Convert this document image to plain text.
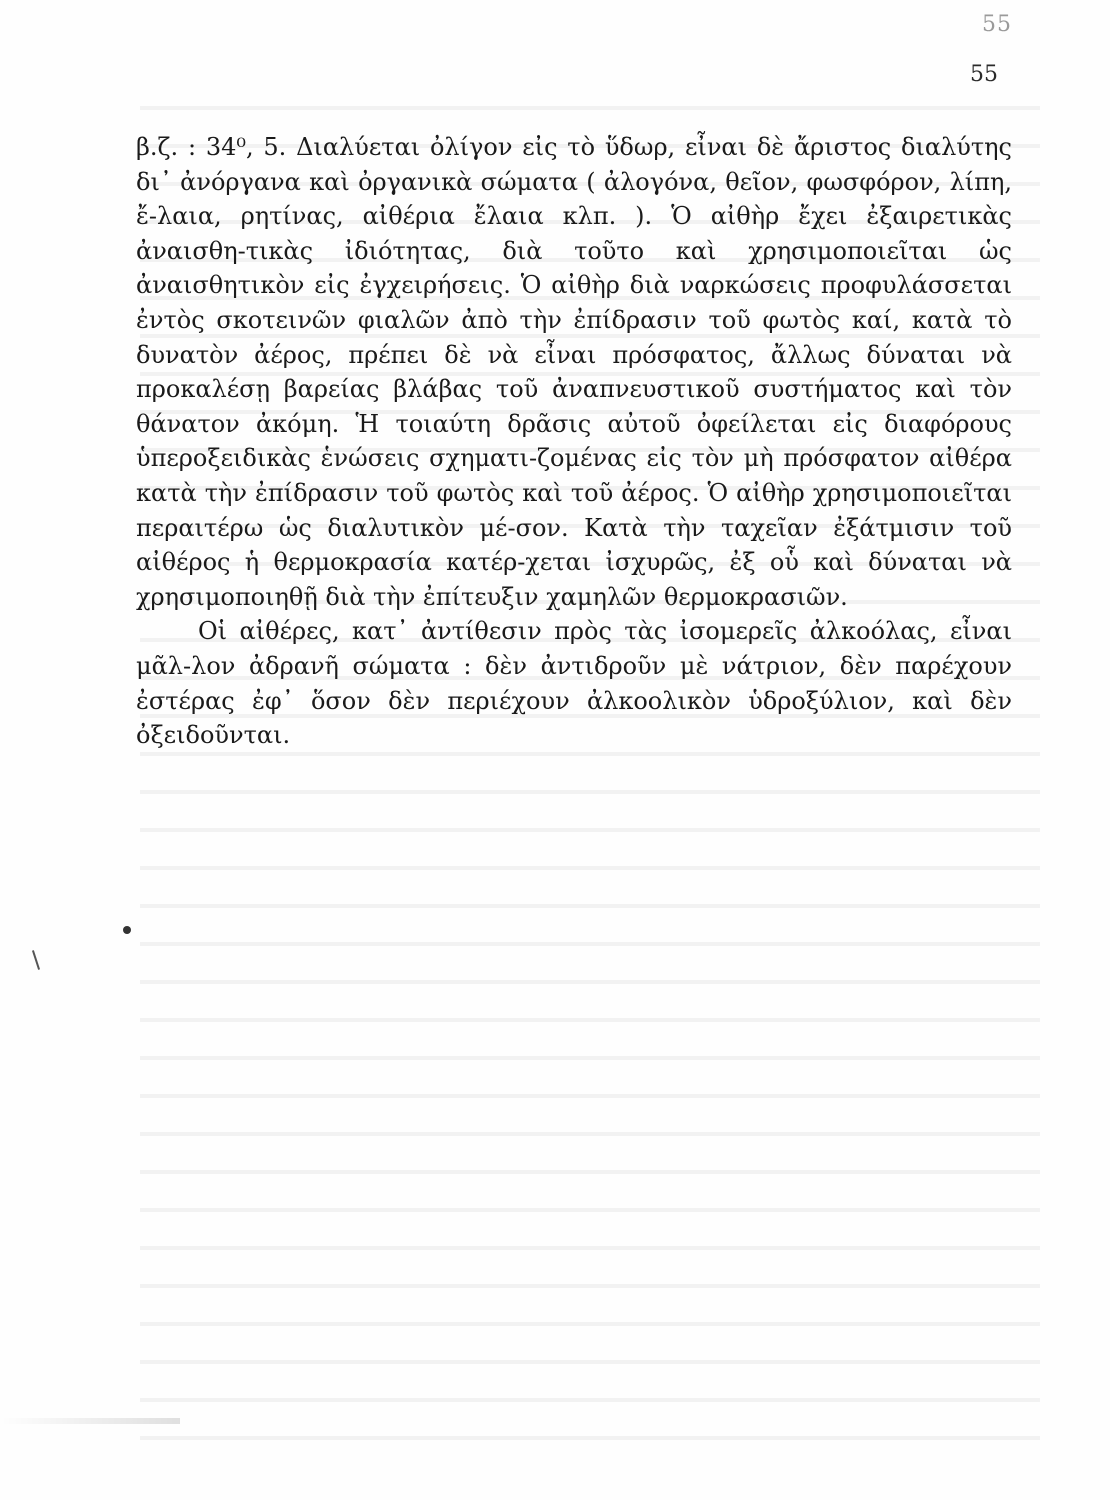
55
55

β.ζ. : 34⁰, 5. Διαλύεται ὀλίγον εἰς τὸ ὕδωρ, εἶναι δὲ ἄριστος διαλύτης δι᾽ ἀνόργανα καὶ ὀργανικὰ σώματα ( ἀλογόνα, θεῖον, φωσφόρον, λίπη, ἔ-λαια, ρητίνας, αἰθέρια ἔλαια κλπ. ). Ὁ αἰθὴρ ἔχει ἐξαιρετικὰς ἀναισθη-τικὰς ἰδιότητας, διὰ τοῦτο καὶ χρησιμοποιεῖται ὡς ἀναισθητικὸν εἰς ἐγχειρήσεις. Ὁ αἰθὴρ διὰ ναρκώσεις προφυλάσσεται ἐντὸς σκοτεινῶν φιαλῶν ἀπὸ τὴν ἐπίδρασιν τοῦ φωτὸς καί, κατὰ τὸ δυνατὸν ἀέρος, πρέπει δὲ νὰ εἶναι πρόσφατος, ἄλλως δύναται νὰ προκαλέσῃ βαρείας βλάβας τοῦ ἀναπνευστικοῦ συστήματος καὶ τὸν θάνατον ἀκόμη. Ἡ τοιαύτη δρᾶσις αὐτοῦ ὀφείλεται εἰς διαφόρους ὑπεροξειδικὰς ἑνώσεις σχηματι-ζομένας εἰς τὸν μὴ πρόσφατον αἰθέρα κατὰ τὴν ἐπίδρασιν τοῦ φωτὸς καὶ τοῦ ἀέρος. Ὁ αἰθὴρ χρησιμοποιεῖται περαιτέρω ὡς διαλυτικὸν μέ-σον. Κατὰ τὴν ταχεῖαν ἐξάτμισιν τοῦ αἰθέρος ἡ θερμοκρασία κατέρ-χεται ἰσχυρῶς, ἐξ οὗ καὶ δύναται νὰ χρησιμοποιηθῇ διὰ τὴν ἐπίτευξιν χαμηλῶν θερμοκρασιῶν.

Οἱ αἰθέρες, κατ᾽ ἀντίθεσιν πρὸς τὰς ἰσομερεῖς ἀλκοόλας, εἶναι μᾶλ-λον ἀδρανῆ σώματα : δὲν ἀντιδροῦν μὲ νάτριον, δὲν παρέχουν ἐστέρας ἐφ᾽ ὅσον δὲν περιέχουν ἀλκοολικὸν ὑδροξύλιον, καὶ δὲν ὀξειδοῦνται.
